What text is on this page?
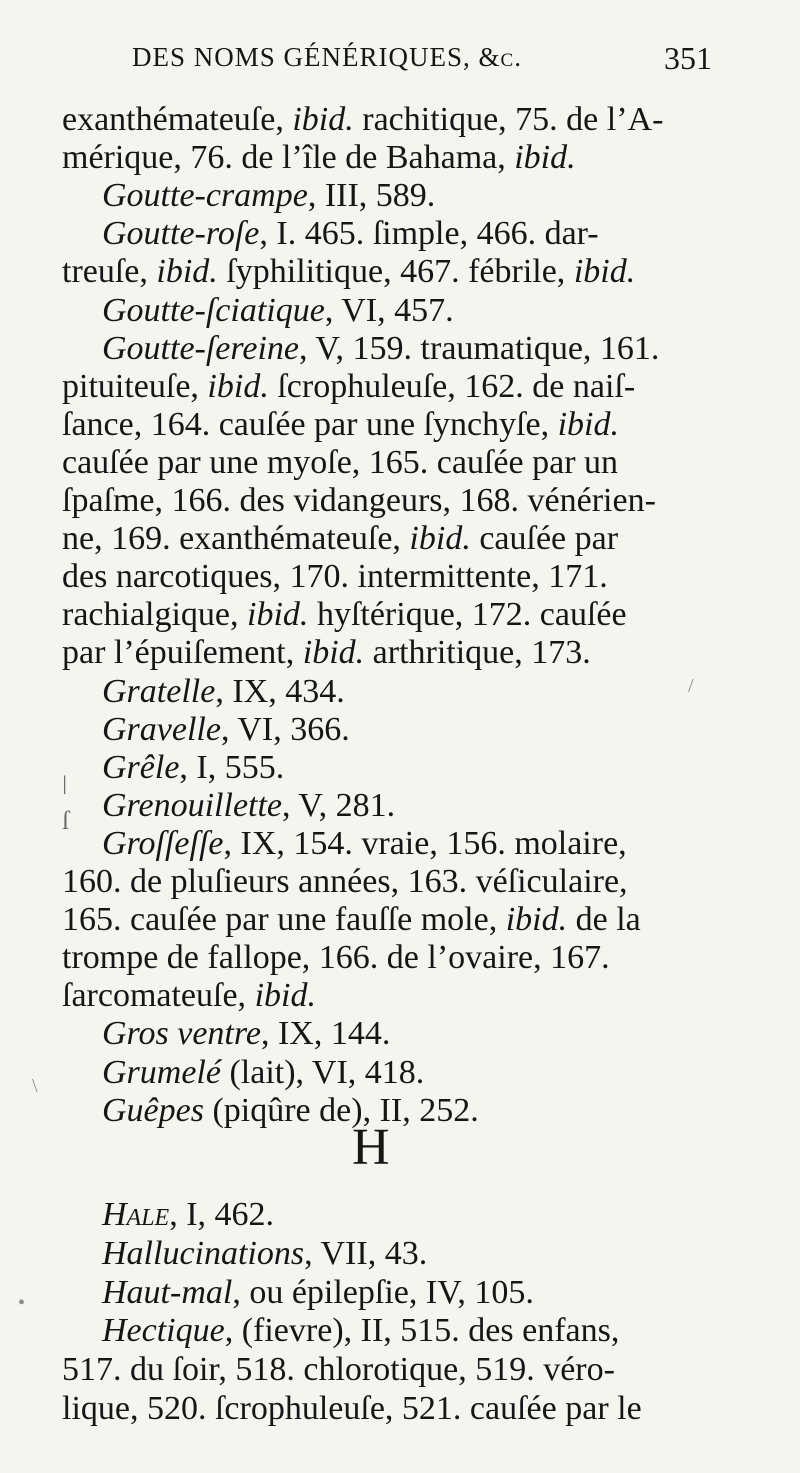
DES NOMS GÉNÉRIQUES, &c.	351
exanthémateuſe, ibid. rachitique, 75. de l’A-
mérique, 76. de l’île de Bahama, ibid.
Goutte-crampe, III, 589.
Goutte-roſe, I. 465. ſimple, 466. dar-
treuſe, ibid. ſyphilitique, 467. fébrile, ibid.
Goutte-ſciatique, VI, 457.
Goutte-ſereine, V, 159. traumatique, 161.
pituiteuſe, ibid. ſcrophuleuſe, 162. de naiſ-
ſance, 164. cauſée par une ſynchyſe, ibid.
cauſée par une myoſe, 165. cauſée par un
ſpaſme, 166. des vidangeurs, 168. vénérien-
ne, 169. exanthémateuſe, ibid. cauſée par
des narcotiques, 170. intermittente, 171.
rachialgique, ibid. hyſtérique, 172. cauſée
par l’épuiſement, ibid. arthritique, 173.
Gratelle, IX, 434.
Gravelle, VI, 366.
Grêle, I, 555.
Grenouillette, V, 281.
Groſſeſſe, IX, 154. vraie, 156. molaire,
160. de pluſieurs années, 163. véſiculaire,
165. cauſée par une fauſſe mole, ibid. de la
trompe de fallope, 166. de l’ovaire, 167.
ſarcomateuſe, ibid.
Gros ventre, IX, 144.
Grumelé (lait), VI, 418.
Guêpes (piqûre de), II, 252.
Hale, I, 462.
Hallucinations, VII, 43.
Haut-mal, ou épilepſie, IV, 105.
Hectique, (fievre), II, 515. des enfans,
517. du ſoir, 518. chlorotique, 519. véro-
lique, 520. ſcrophuleuſe, 521. cauſée par le
H
ǀ
ſ
\
•
/
